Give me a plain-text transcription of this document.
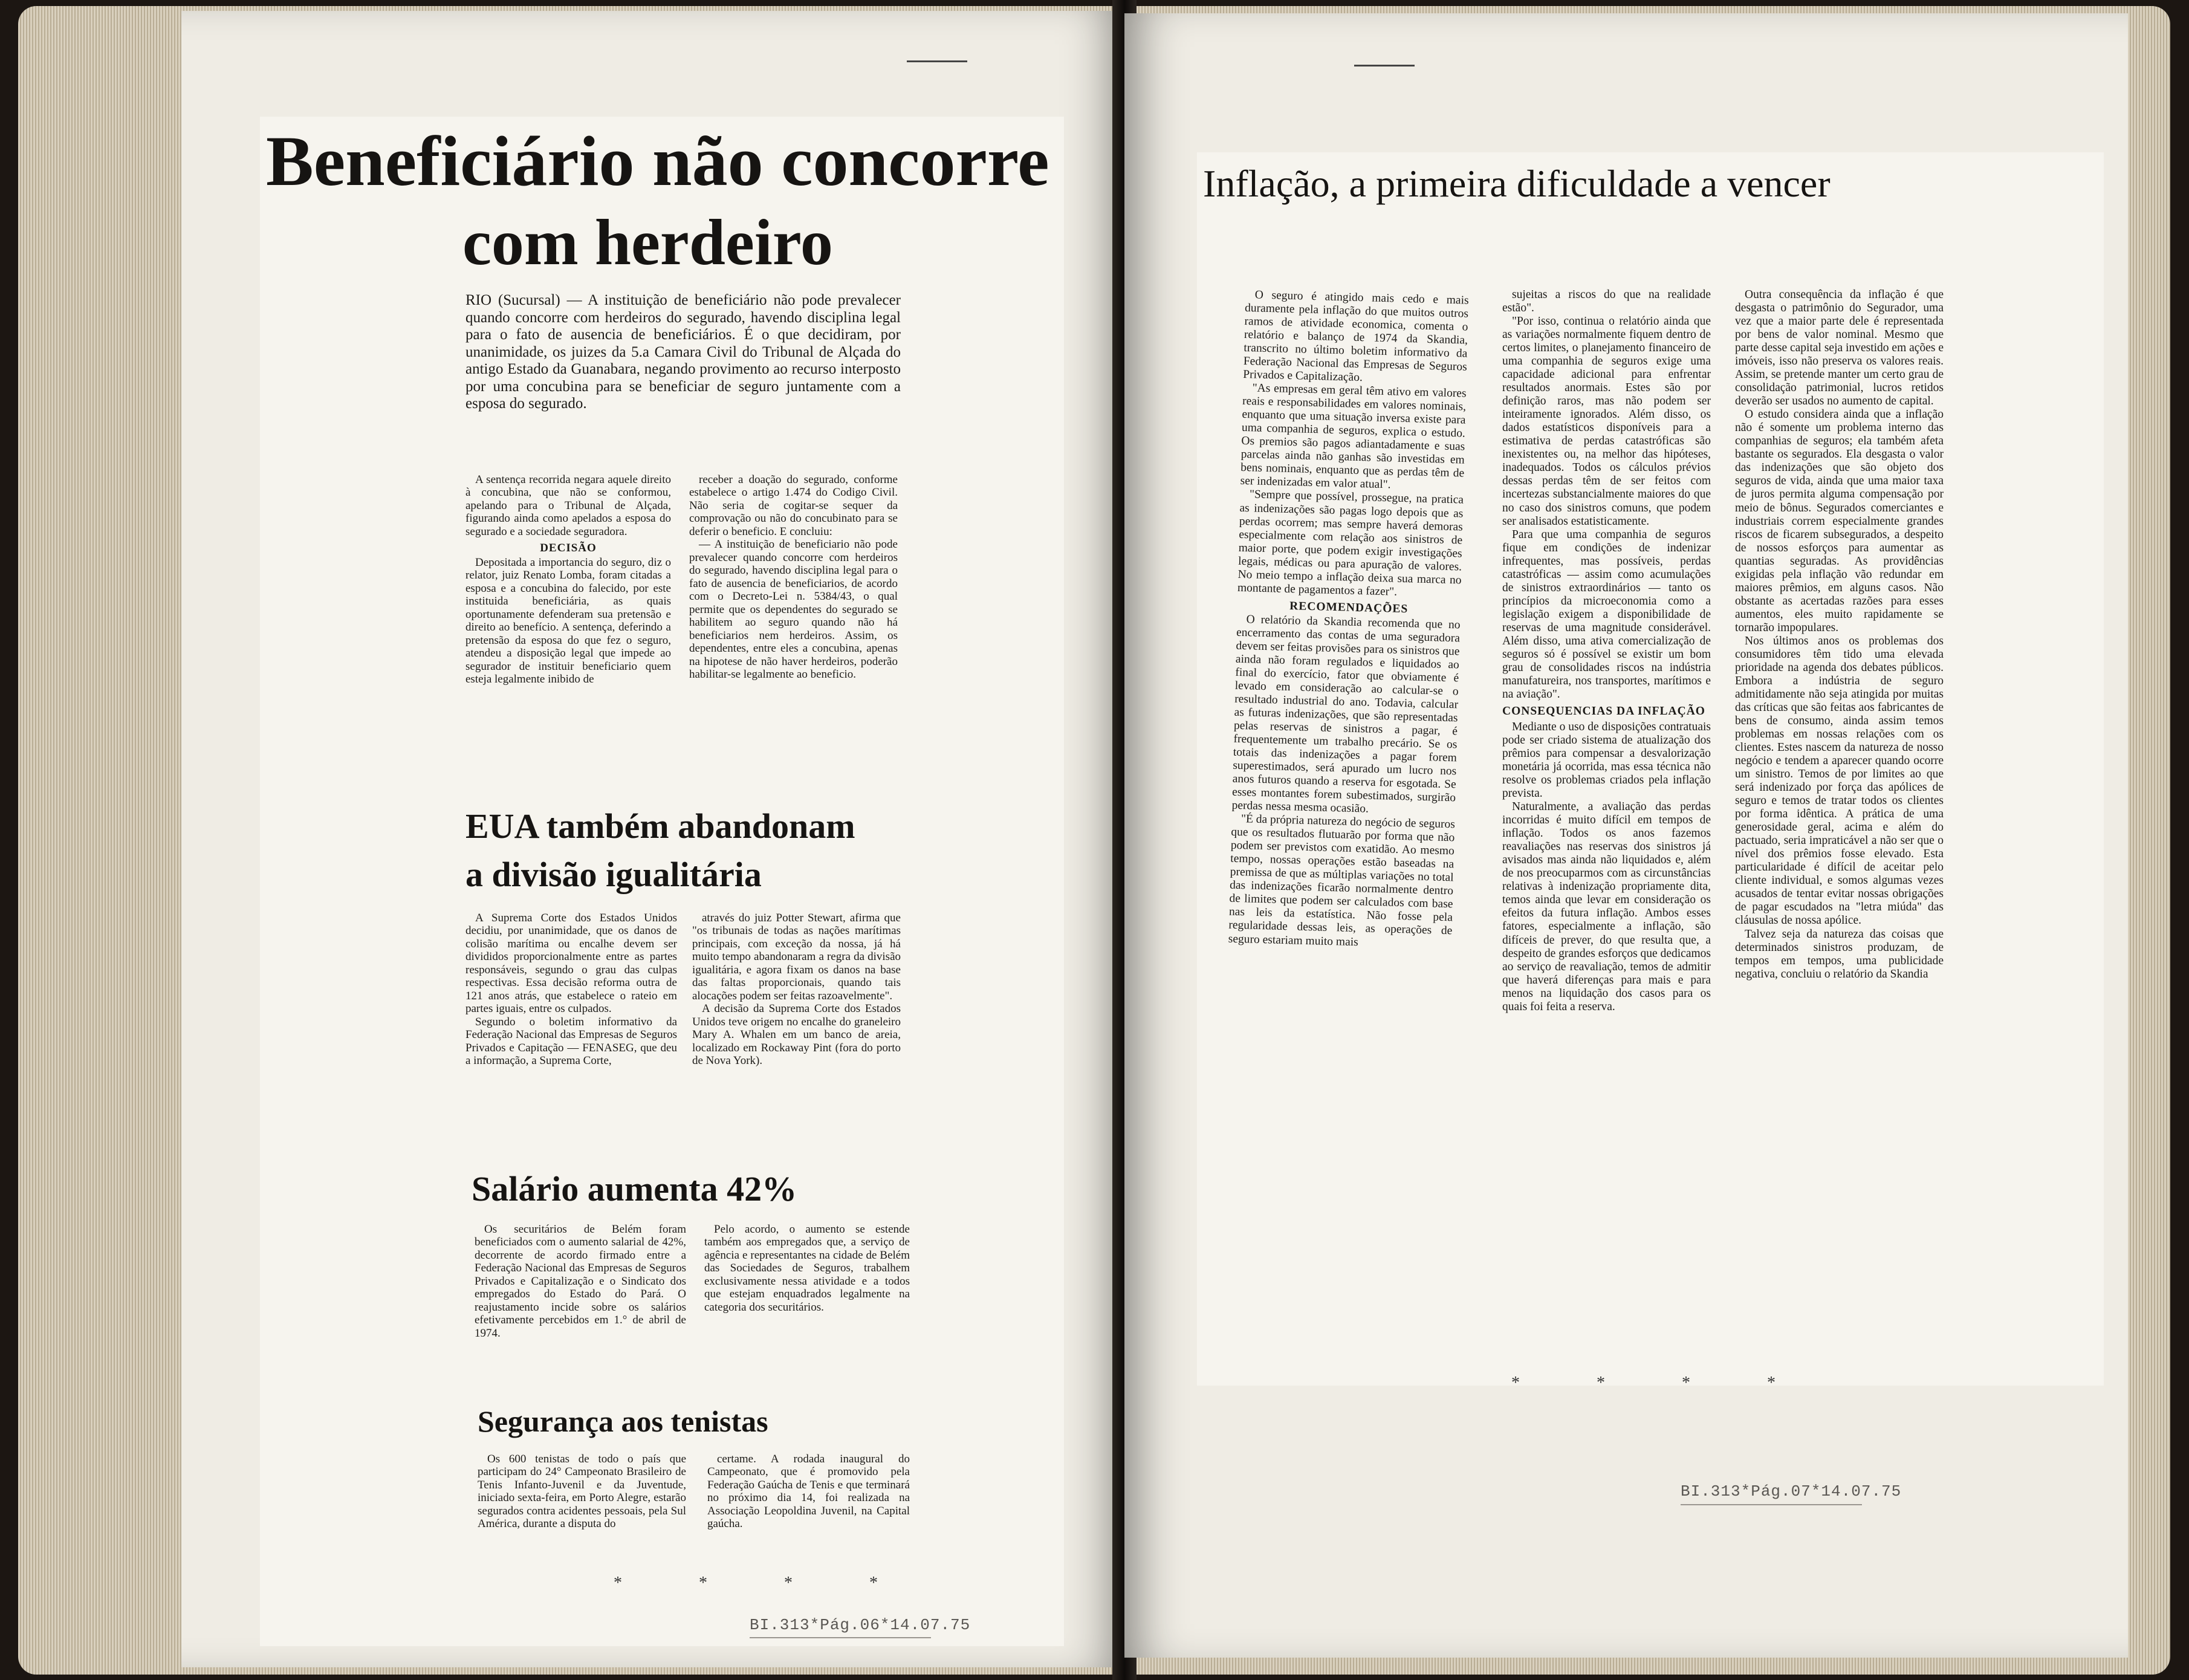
Beneficiário não concorre
com herdeiro
RIO (Sucursal) — A instituição de beneficiário não pode prevalecer quando concorre com herdeiros do segurado, havendo disciplina legal para o fato de ausencia de beneficiários. É o que decidiram, por unanimidade, os juizes da 5.a Camara Civil do Tribunal de Alçada do antigo Estado da Guanabara, negando provimento ao recurso interposto por uma concubina para se beneficiar de seguro juntamente com a esposa do segurado.
A sentença recorrida negara aquele direito à concubina, que não se conformou, apelando para o Tribunal de Alçada, figurando ainda como apelados a esposa do segurado e a sociedade seguradora.
DECISÃO
Depositada a importancia do seguro, diz o relator, juiz Renato Lomba, foram citadas a esposa e a concubina do falecido, por este instituida beneficiária, as quais oportunamente defenderam sua pretensão e direito ao benefício. A sentença, deferindo a pretensão da esposa do que fez o seguro, atendeu a disposição legal que impede ao segurador de instituir beneficiario quem esteja legalmente inibido de
receber a doação do segurado, conforme estabelece o artigo 1.474 do Codigo Civil. Não seria de cogitar-se sequer da comprovação ou não do concubinato para se deferir o beneficio. E concluiu:
— A instituição de beneficiario não pode prevalecer quando concorre com herdeiros do segurado, havendo disciplina legal para o fato de ausencia de beneficiarios, de acordo com o Decreto-Lei n. 5384/43, o qual permite que os dependentes do segurado se habilitem ao seguro quando não há beneficiarios nem herdeiros. Assim, os dependentes, entre eles a concubina, apenas na hipotese de não haver herdeiros, poderão habilitar-se legalmente ao beneficio.
EUA também abandonam
a divisão igualitária
A Suprema Corte dos Estados Unidos decidiu, por unanimidade, que os danos de colisão marítima ou encalhe devem ser divididos proporcionalmente entre as partes responsáveis, segundo o grau das culpas respectivas. Essa decisão reforma outra de 121 anos atrás, que estabelece o rateio em partes iguais, entre os culpados.
Segundo o boletim informativo da Federação Nacional das Empresas de Seguros Privados e Capitação — FENASEG, que deu a informação, a Suprema Corte,
através do juiz Potter Stewart, afirma que "os tribunais de todas as nações marítimas principais, com exceção da nossa, já há muito tempo abandonaram a regra da divisão igualitária, e agora fixam os danos na base das faltas proporcionais, quando tais alocações podem ser feitas razoavelmente".
A decisão da Suprema Corte dos Estados Unidos teve origem no encalhe do graneleiro Mary A. Whalen em um banco de areia, localizado em Rockaway Pint (fora do porto de Nova York).
Salário aumenta 42%
Os securitários de Belém foram beneficiados com o aumento salarial de 42%, decorrente de acordo firmado entre a Federação Nacional das Empresas de Seguros Privados e Capitalização e o Sindicato dos empregados do Estado do Pará. O reajustamento incide sobre os salários efetivamente percebidos em 1.° de abril de 1974.
Pelo acordo, o aumento se estende também aos empregados que, a serviço de agência e representantes na cidade de Belém das Sociedades de Seguros, trabalhem exclusivamente nessa atividade e a todos que estejam enquadrados legalmente na categoria dos securitários.
Segurança aos tenistas
Os 600 tenistas de todo o país que participam do 24° Campeonato Brasileiro de Tenis Infanto-Juvenil e da Juventude, iniciado sexta-feira, em Porto Alegre, estarão segurados contra acidentes pessoais, pela Sul América, durante a disputa do
certame. A rodada inaugural do Campeonato, que é promovido pela Federação Gaúcha de Tenis e que terminará no próximo dia 14, foi realizada na Associação Leopoldina Juvenil, na Capital gaúcha.
* * * *
BI.313*Pág.06*14.07.75
Inflação, a primeira dificuldade a vencer
O seguro é atingido mais cedo e mais duramente pela inflação do que muitos outros ramos de atividade economica, comenta o relatório e balanço de 1974 da Skandia, transcrito no último boletim informativo da Federação Nacional das Empresas de Seguros Privados e Capitalização.
"As empresas em geral têm ativo em valores reais e responsabilidades em valores nominais, enquanto que uma situação inversa existe para uma companhia de seguros, explica o estudo. Os premios são pagos adiantadamente e suas parcelas ainda não ganhas são investidas em bens nominais, enquanto que as perdas têm de ser indenizadas em valor atual".
"Sempre que possível, prossegue, na pratica as indenizações são pagas logo depois que as perdas ocorrem; mas sempre haverá demoras especialmente com relação aos sinistros de maior porte, que podem exigir investigações legais, médicas ou para apuração de valores. No meio tempo a inflação deixa sua marca no montante de pagamentos a fazer".
RECOMENDAÇÕES
O relatório da Skandia recomenda que no encerramento das contas de uma seguradora devem ser feitas provisões para os sinistros que ainda não foram regulados e liquidados ao final do exercício, fator que obviamente é levado em consideração ao calcular-se o resultado industrial do ano. Todavia, calcular as futuras indenizações, que são representadas pelas reservas de sinistros a pagar, é frequentemente um trabalho precário. Se os totais das indenizações a pagar forem superestimados, será apurado um lucro nos anos futuros quando a reserva for esgotada. Se esses montantes forem subestimados, surgirão perdas nessa mesma ocasião.
"É da própria natureza do negócio de seguros que os resultados flutuarão por forma que não podem ser previstos com exatidão. Ao mesmo tempo, nossas operações estão baseadas na premissa de que as múltiplas variações no total das indenizações ficarão normalmente dentro de limites que podem ser calculados com base nas leis da estatística. Não fosse pela regularidade dessas leis, as operações de seguro estariam muito mais
sujeitas a riscos do que na realidade estão".
"Por isso, continua o relatório ainda que as variações normalmente fiquem dentro de certos limites, o planejamento financeiro de uma companhia de seguros exige uma capacidade adicional para enfrentar resultados anormais. Estes são por definição raros, mas não podem ser inteiramente ignorados. Além disso, os dados estatísticos disponíveis para a estimativa de perdas catastróficas são inexistentes ou, na melhor das hipóteses, inadequados. Todos os cálculos prévios dessas perdas têm de ser feitos com incertezas substancialmente maiores do que no caso dos sinistros comuns, que podem ser analisados estatisticamente.
Para que uma companhia de seguros fique em condições de indenizar infrequentes, mas possíveis, perdas catastróficas — assim como acumulações de sinistros extraordinários — tanto os princípios da microeconomia como a legislação exigem a disponibilidade de reservas de uma magnitude considerável. Além disso, uma ativa comercialização de seguros só é possível se existir um bom grau de consolidades riscos na indústria manufatureira, nos transportes, marítimos e na aviação".
CONSEQUENCIAS DA INFLAÇÃO
Mediante o uso de disposições contratuais pode ser criado sistema de atualização dos prêmios para compensar a desvalorização monetária já ocorrida, mas essa técnica não resolve os problemas criados pela inflação prevista.
Naturalmente, a avaliação das perdas incorridas é muito difícil em tempos de inflação. Todos os anos fazemos reavaliações nas reservas dos sinistros já avisados mas ainda não liquidados e, além de nos preocuparmos com as circunstâncias relativas à indenização propriamente dita, temos ainda que levar em consideração os efeitos da futura inflação. Ambos esses fatores, especialmente a inflação, são difíceis de prever, do que resulta que, a despeito de grandes esforços que dedicamos ao serviço de reavaliação, temos de admitir que haverá diferenças para mais e para menos na liquidação dos casos para os quais foi feita a reserva.
Outra consequência da inflação é que desgasta o patrimônio do Segurador, uma vez que a maior parte dele é representada por bens de valor nominal. Mesmo que parte desse capital seja investido em ações e imóveis, isso não preserva os valores reais. Assim, se pretende manter um certo grau de consolidação patrimonial, lucros retidos deverão ser usados no aumento de capital.
O estudo considera ainda que a inflação não é somente um problema interno das companhias de seguros; ela também afeta bastante os segurados. Ela desgasta o valor das indenizações que são objeto dos seguros de vida, ainda que uma maior taxa de juros permita alguma compensação por meio de bônus. Segurados comerciantes e industriais correm especialmente grandes riscos de ficarem subsegurados, a despeito de nossos esforços para aumentar as quantias seguradas. As providências exigidas pela inflação vão redundar em maiores prêmios, em alguns casos. Não obstante as acertadas razões para esses aumentos, eles muito rapidamente se tornarão impopulares.
Nos últimos anos os problemas dos consumidores têm tido uma elevada prioridade na agenda dos debates públicos. Embora a indústria de seguro admitidamente não seja atingida por muitas das críticas que são feitas aos fabricantes de bens de consumo, ainda assim temos problemas em nossas relações com os clientes. Estes nascem da natureza de nosso negócio e tendem a aparecer quando ocorre um sinistro. Temos de por limites ao que será indenizado por força das apólices de seguro e temos de tratar todos os clientes por forma idêntica. A prática de uma generosidade geral, acima e além do pactuado, seria impraticável a não ser que o nível dos prêmios fosse elevado. Esta particularidade é difícil de aceitar pelo cliente individual, e somos algumas vezes acusados de tentar evitar nossas obrigações de pagar escudados na "letra miúda" das cláusulas de nossa apólice.
Talvez seja da natureza das coisas que determinados sinistros produzam, de tempos em tempos, uma publicidade negativa, concluiu o relatório da Skandia
* * * *
BI.313*Pág.07*14.07.75
